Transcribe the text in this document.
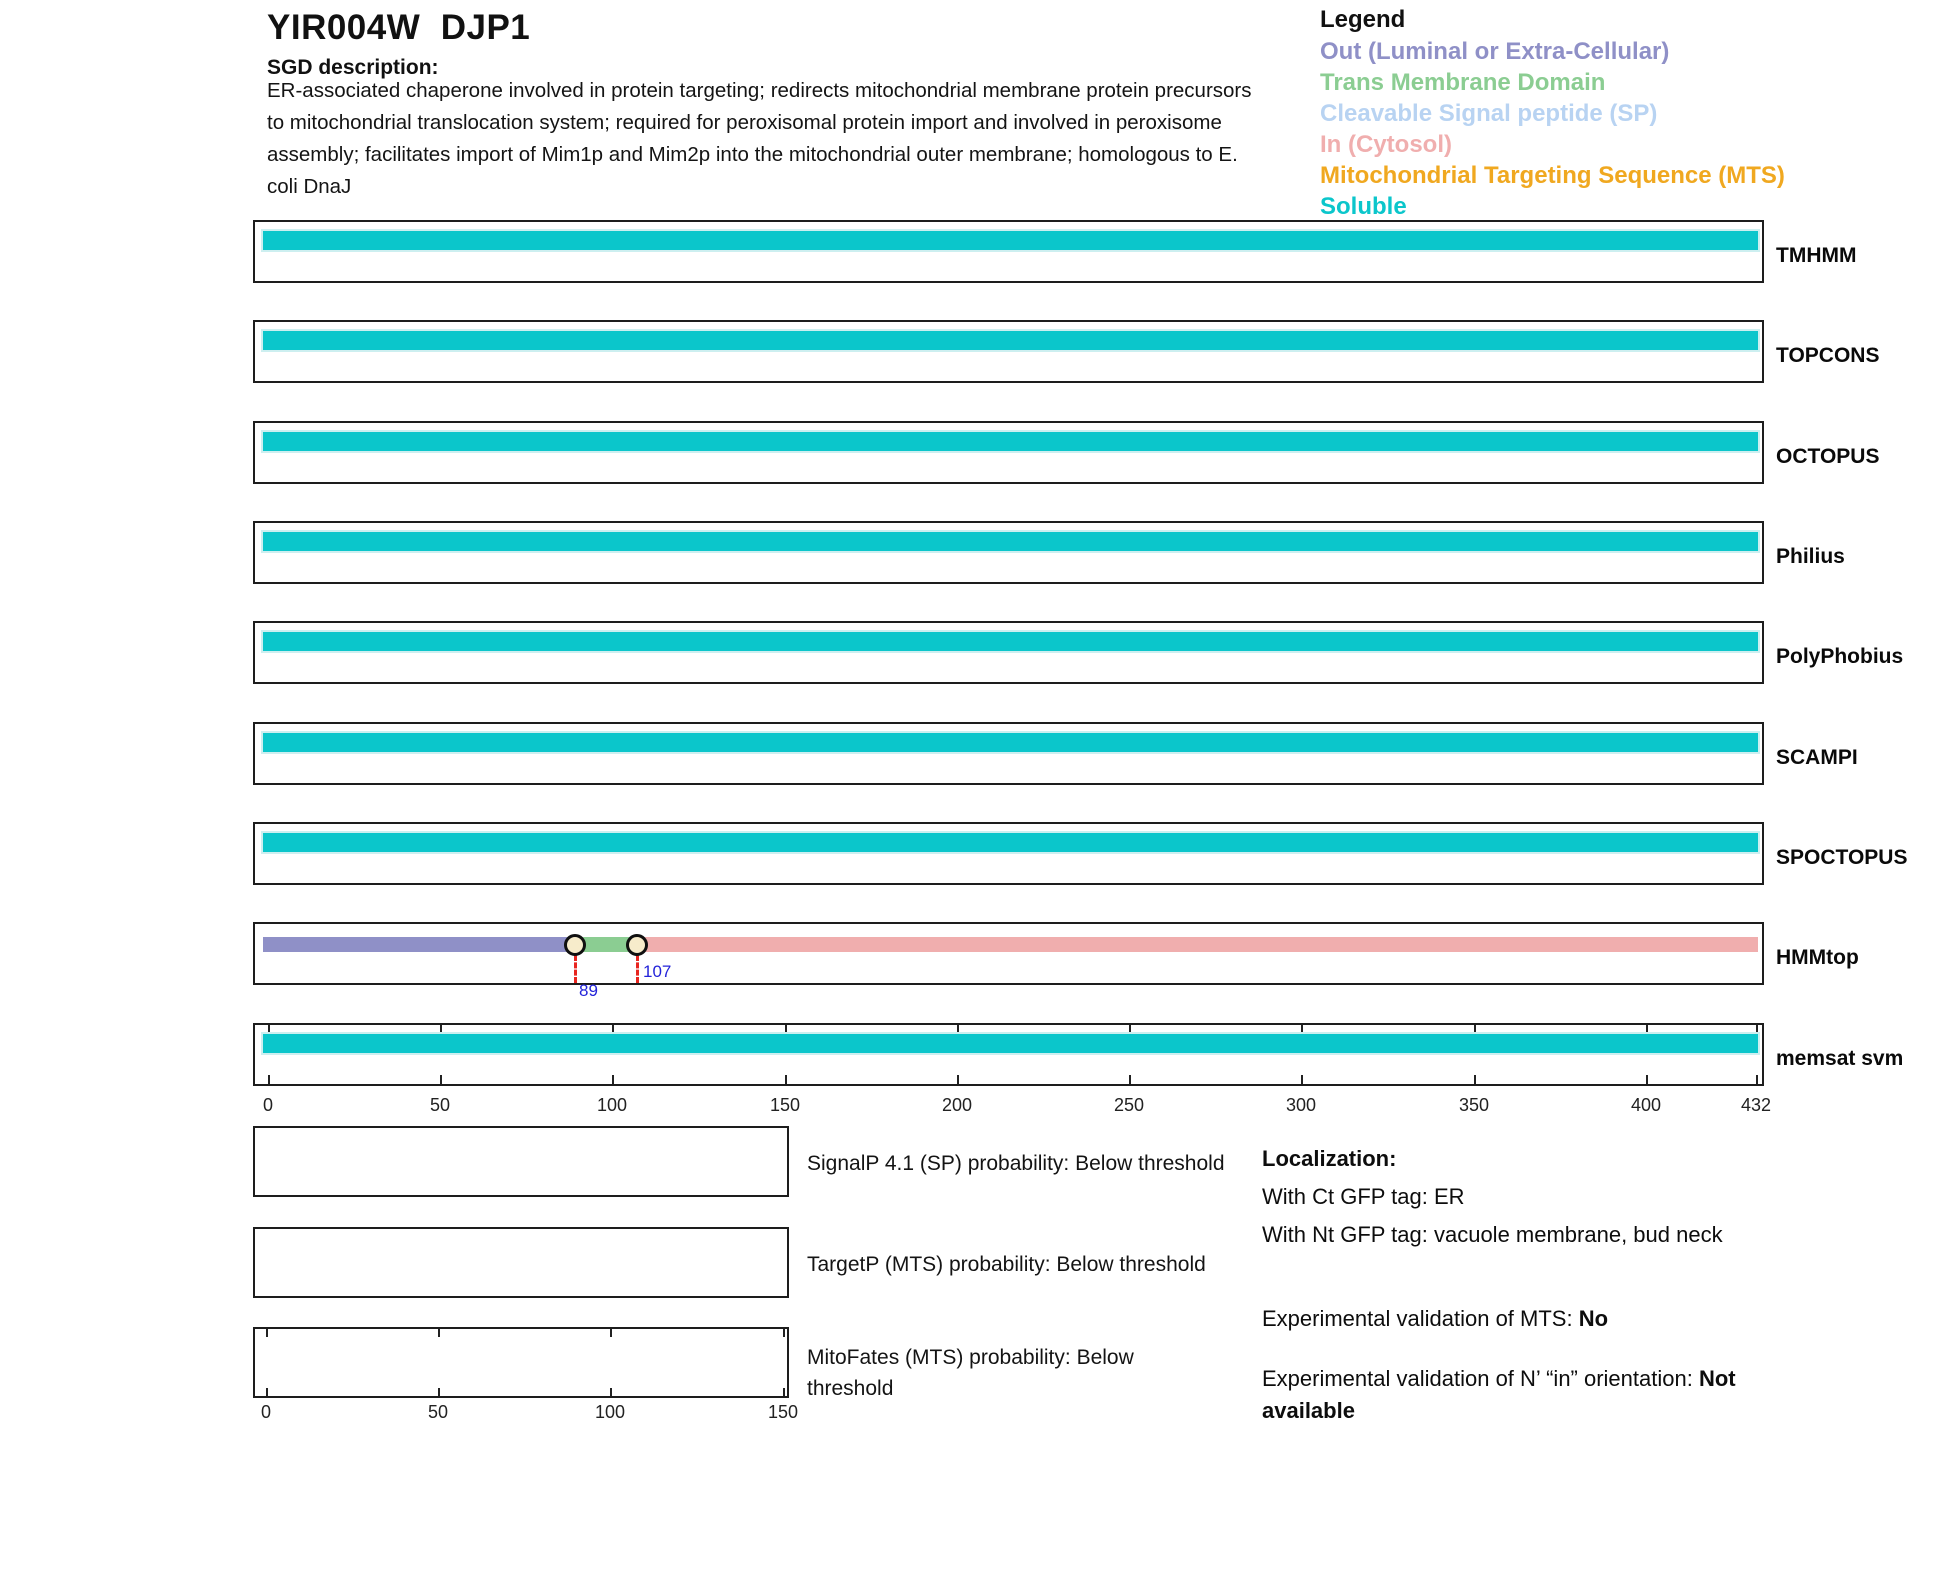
YIR004W  DJP1
SGD description:
ER-associated chaperone involved in protein targeting; redirects mitochondrial membrane protein precursors
to mitochondrial translocation system; required for peroxisomal protein import and involved in peroxisome
assembly; facilitates import of Mim1p and Mim2p into the mitochondrial outer membrane; homologous to E.
coli DnaJ
Legend
Out (Luminal or Extra-Cellular)
Trans Membrane Domain
Cleavable Signal peptide (SP)
In (Cytosol)
Mitochondrial Targeting Sequence (MTS)
Soluble
TMHMM
TOPCONS
OCTOPUS
Philius
PolyPhobius
SCAMPI
SPOCTOPUS
89
107
HMMtop
memsat svm
0	50	100	150	200	250	300	350	400	432
SignalP 4.1 (SP) probability: Below threshold
TargetP (MTS) probability: Below threshold
0	50	100	150
MitoFates (MTS) probability: Below
threshold
Localization:
With Ct GFP tag: ER
With Nt GFP tag: vacuole membrane, bud neck
Experimental validation of MTS: No
Experimental validation of N’ “in” orientation: Not
available
